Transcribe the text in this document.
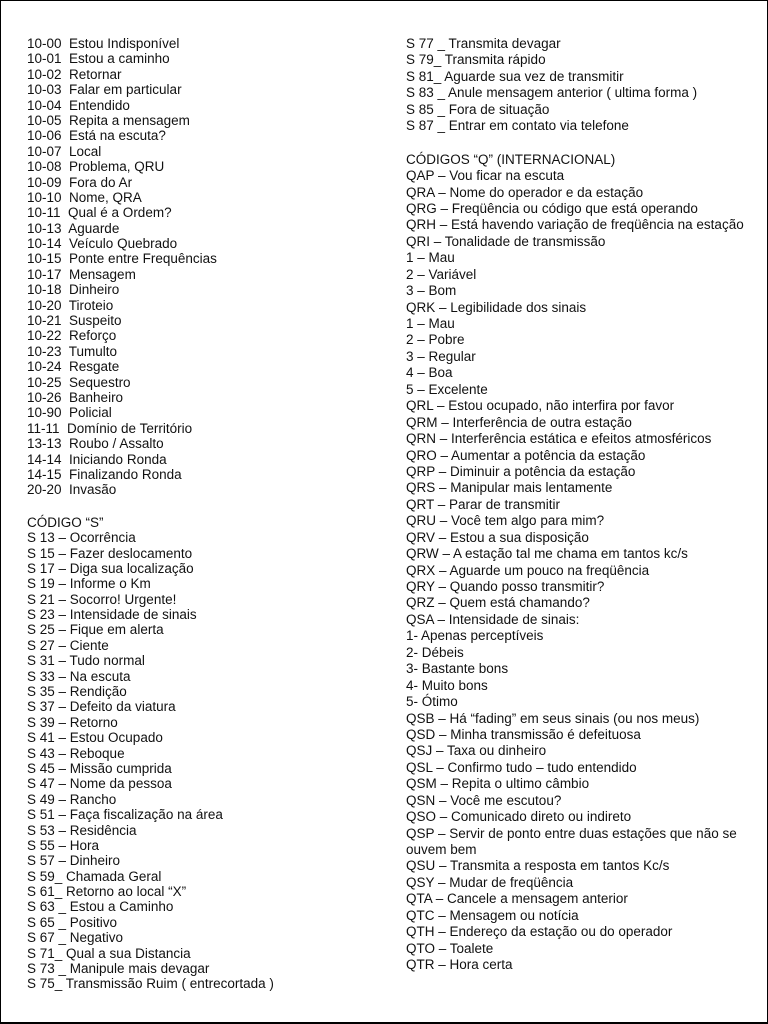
10-00  Estou Indisponível
10-01  Estou a caminho
10-02  Retornar
10-03  Falar em particular
10-04  Entendido
10-05  Repita a mensagem
10-06  Está na escuta?
10-07  Local
10-08  Problema, QRU
10-09  Fora do Ar
10-10  Nome, QRA
10-11  Qual é a Ordem?
10-13  Aguarde
10-14  Veículo Quebrado
10-15  Ponte entre Frequências
10-17  Mensagem
10-18  Dinheiro
10-20  Tiroteio
10-21  Suspeito
10-22  Reforço
10-23  Tumulto
10-24  Resgate
10-25  Sequestro
10-26  Banheiro
10-90  Policial
11-11  Domínio de Território
13-13  Roubo / Assalto
14-14  Iniciando Ronda
14-15  Finalizando Ronda
20-20  Invasão
CÓDIGO “S”
S 13 – Ocorrência
S 15 – Fazer deslocamento
S 17 – Diga sua localização
S 19 – Informe o Km
S 21 – Socorro! Urgente!
S 23 – Intensidade de sinais
S 25 – Fique em alerta
S 27 – Ciente
S 31 – Tudo normal
S 33 – Na escuta
S 35 – Rendição
S 37 – Defeito da viatura
S 39 – Retorno
S 41 – Estou Ocupado
S 43 – Reboque
S 45 – Missão cumprida
S 47 – Nome da pessoa
S 49 – Rancho
S 51 – Faça fiscalização na área
S 53 – Residência
S 55 – Hora
S 57 – Dinheiro
S 59_ Chamada Geral
S 61_ Retorno ao local “X”
S 63 _ Estou a Caminho
S 65 _ Positivo
S 67 _ Negativo
S 71_ Qual a sua Distancia
S 73 _ Manipule mais devagar
S 75_ Transmissão Ruim ( entrecortada )
S 77 _ Transmita devagar
S 79_ Transmita rápido
S 81_ Aguarde sua vez de transmitir
S 83 _ Anule mensagem anterior ( ultima forma )
S 85 _ Fora de situação
S 87 _ Entrar em contato via telefone
CÓDIGOS “Q” (INTERNACIONAL)
QAP – Vou ficar na escuta
QRA – Nome do operador e da estação
QRG – Freqüência ou código que está operando
QRH – Está havendo variação de freqüência na estação
QRI – Tonalidade de transmissão
1 – Mau
2 – Variável
3 – Bom
QRK – Legibilidade dos sinais
1 – Mau
2 – Pobre
3 – Regular
4 – Boa
5 – Excelente
QRL – Estou ocupado, não interfira por favor
QRM – Interferência de outra estação
QRN – Interferência estática e efeitos atmosféricos
QRO – Aumentar a potência da estação
QRP – Diminuir a potência da estação
QRS – Manipular mais lentamente
QRT – Parar de transmitir
QRU – Você tem algo para mim?
QRV – Estou a sua disposição
QRW – A estação tal me chama em tantos kc/s
QRX – Aguarde um pouco na freqüência
QRY – Quando posso transmitir?
QRZ – Quem está chamando?
QSA – Intensidade de sinais:
1- Apenas perceptíveis
2- Débeis
3- Bastante bons
4- Muito bons
5- Ótimo
QSB – Há “fading” em seus sinais (ou nos meus)
QSD – Minha transmissão é defeituosa
QSJ – Taxa ou dinheiro
QSL – Confirmo tudo – tudo entendido
QSM – Repita o ultimo câmbio
QSN – Você me escutou?
QSO – Comunicado direto ou indireto
QSP – Servir de ponto entre duas estações que não se ouvem bem
QSU – Transmita a resposta em tantos Kc/s
QSY – Mudar de freqüência
QTA – Cancele a mensagem anterior
QTC – Mensagem ou notícia
QTH – Endereço da estação ou do operador
QTO – Toalete
QTR – Hora certa
